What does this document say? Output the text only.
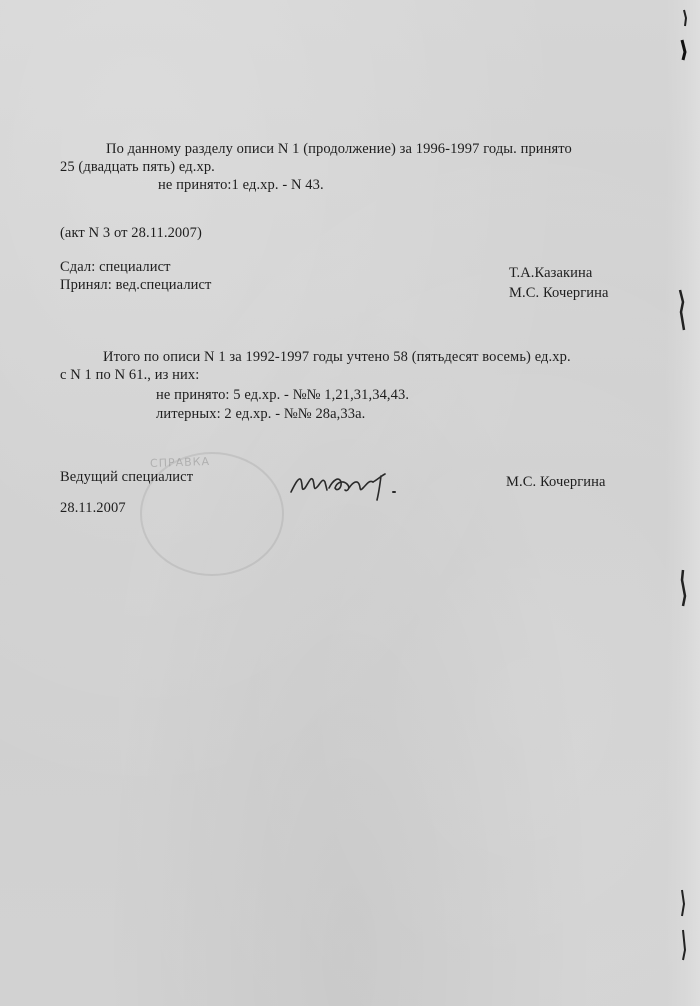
По данному разделу описи N 1 (продолжение) за 1996-1997 годы. принято
25 (двадцать пять) ед.хр.
не принято:1 ед.хр. - N 43.
(акт N 3 от 28.11.2007)
Сдал: специалист
Принял: вед.специалист
Т.А.Казакина
М.С. Кочергина
Итого по описи N 1 за 1992-1997 годы учтено 58 (пятьдесят восемь) ед.хр.
с N 1 по N 61., из них:
не принято: 5 ед.хр. - №№ 1,21,31,34,43.
литерных: 2 ед.хр. - №№ 28а,33а.
СПРАВКА
Ведущий специалист	М.С. Кочергина
28.11.2007
